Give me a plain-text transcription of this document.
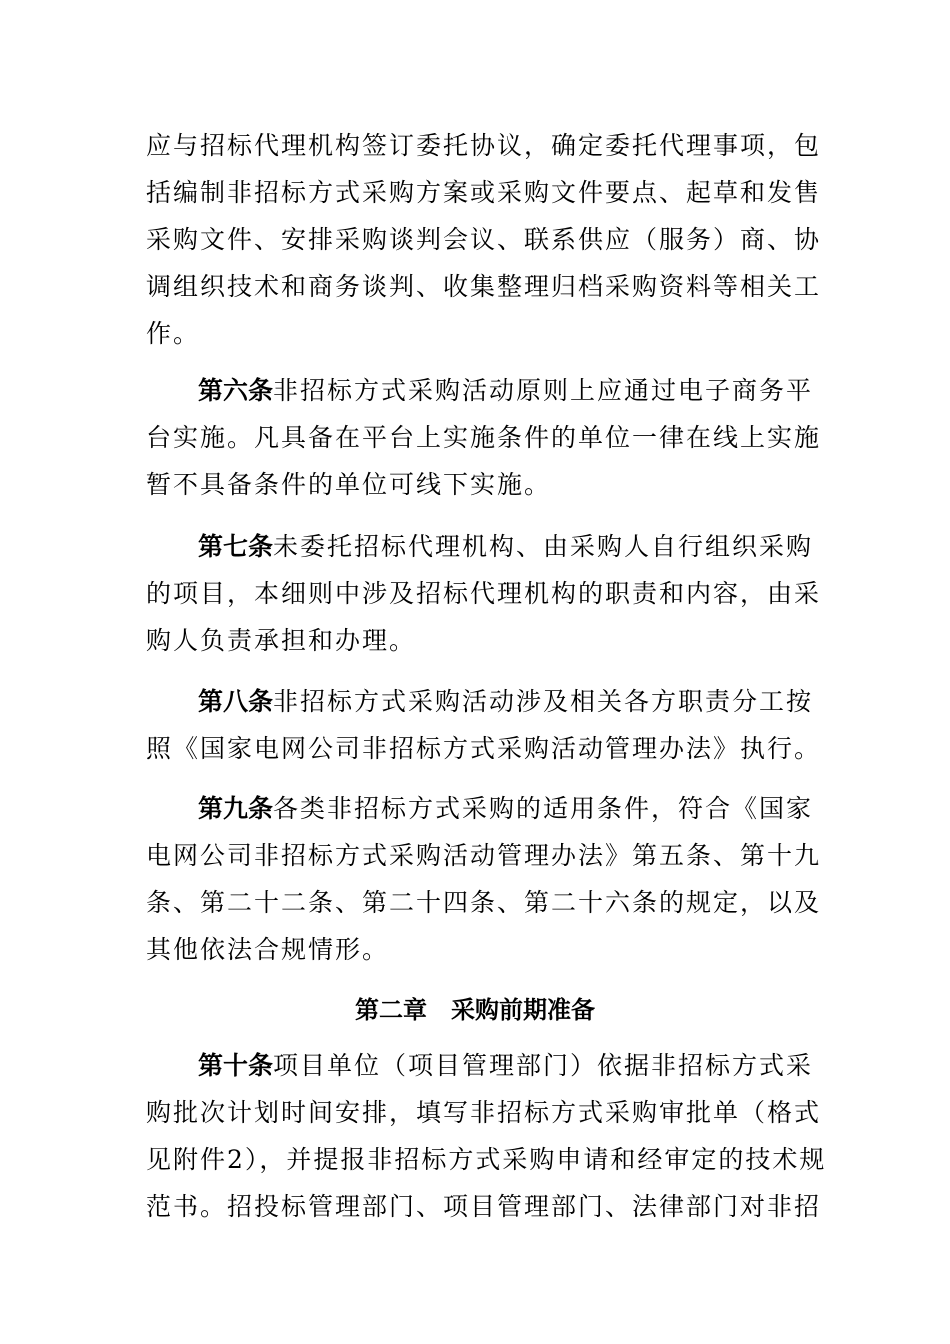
应与招标代理机构签订委托协议，确定委托代理事项，包
括编制非招标方式采购方案或采购文件要点、起草和发售
采购文件、安排采购谈判会议、联系供应（服务）商、协
调组织技术和商务谈判、收集整理归档采购资料等相关工
作。
第六条非招标方式采购活动原则上应通过电子商务平
台实施。凡具备在平台上实施条件的单位一律在线上实施
暂不具备条件的单位可线下实施。
第七条未委托招标代理机构、由采购人自行组织采购
的项目，本细则中涉及招标代理机构的职责和内容，由采
购人负责承担和办理。
第八条非招标方式采购活动涉及相关各方职责分工按
照《国家电网公司非招标方式采购活动管理办法》执行。
第九条各类非招标方式采购的适用条件，符合《国家
电网公司非招标方式采购活动管理办法》第五条、第十九
条、第二十二条、第二十四条、第二十六条的规定，以及
其他依法合规情形。
第二章　采购前期准备
第十条项目单位（项目管理部门）依据非招标方式采
购批次计划时间安排，填写非招标方式采购审批单（格式
见附件2），并提报非招标方式采购申请和经审定的技术规
范书。招投标管理部门、项目管理部门、法律部门对非招
